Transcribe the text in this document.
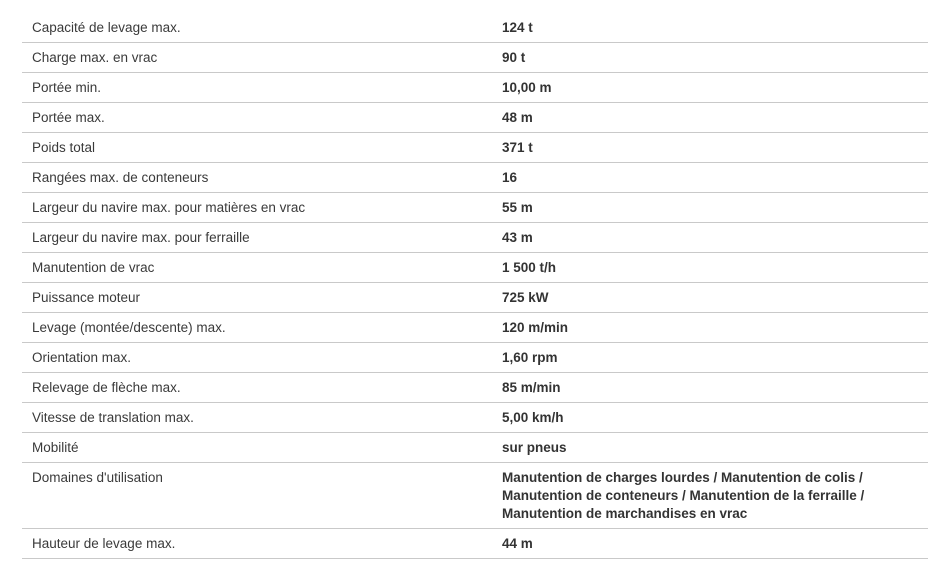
Capacité de levage max.	124 t
Charge max. en vrac	90 t
Portée min.	10,00 m
Portée max.	48 m
Poids total	371 t
Rangées max. de conteneurs	16
Largeur du navire max. pour matières en vrac	55 m
Largeur du navire max. pour ferraille	43 m
Manutention de vrac	1 500 t/h
Puissance moteur	725 kW
Levage (montée/descente) max.	120 m/min
Orientation max.	1,60 rpm
Relevage de flèche max.	85 m/min
Vitesse de translation max.	5,00 km/h
Mobilité	sur pneus
Domaines d'utilisation	Manutention de charges lourdes / Manutention de colis /
Manutention de conteneurs / Manutention de la ferraille /
Manutention de marchandises en vrac

Hauteur de levage max.	44 m
